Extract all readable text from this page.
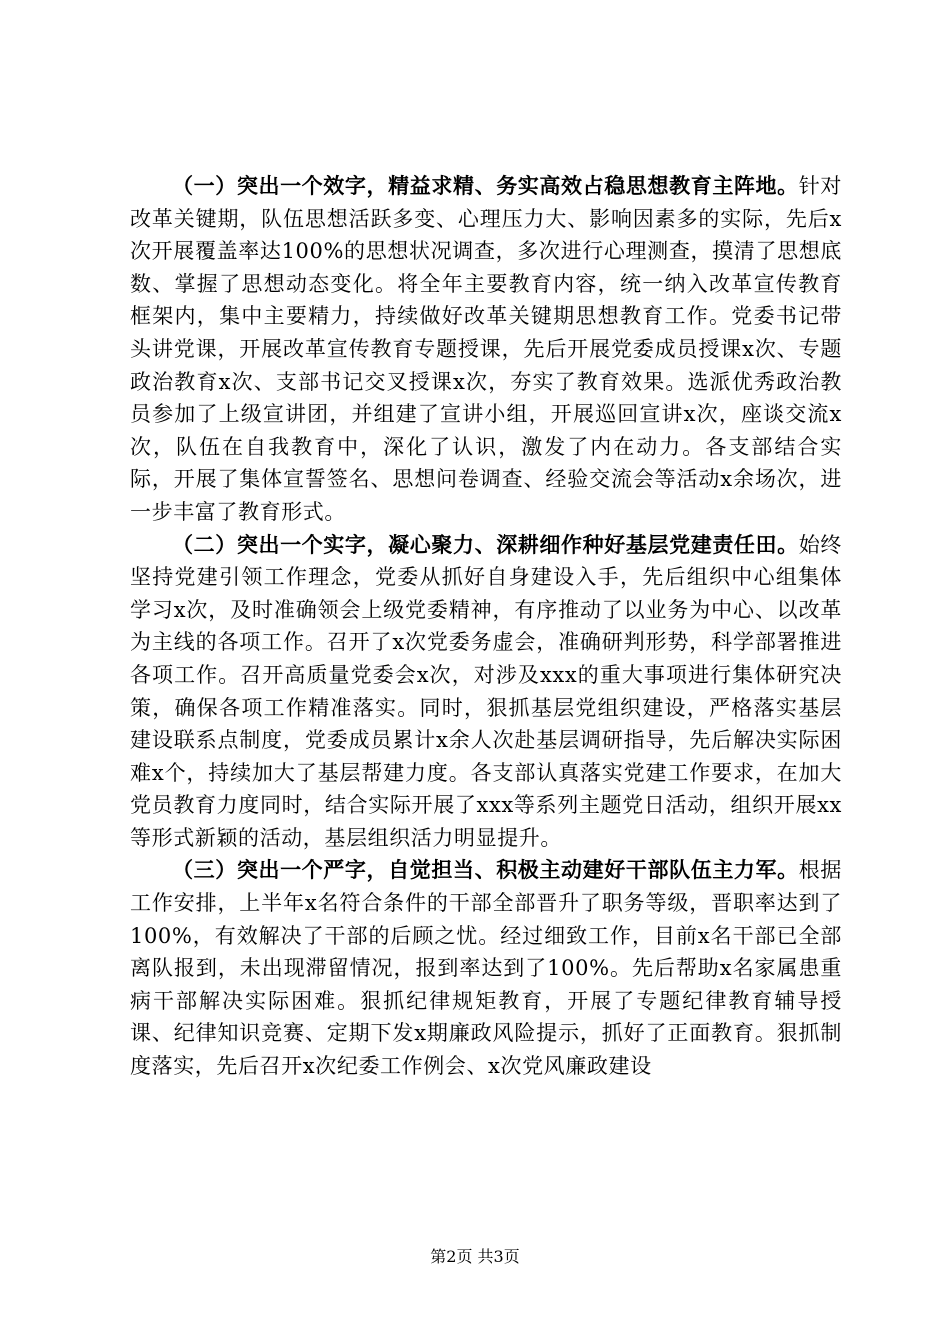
（一）突出一个效字，精益求精、务实高效占稳思想教育主阵地。针对改革关键期，队伍思想活跃多变、心理压力大、影响因素多的实际，先后x次开展覆盖率达100%的思想状况调查，多次进行心理测查，摸清了思想底数、掌握了思想动态变化。将全年主要教育内容，统一纳入改革宣传教育框架内，集中主要精力，持续做好改革关键期思想教育工作。党委书记带头讲党课，开展改革宣传教育专题授课，先后开展党委成员授课x次、专题政治教育x次、支部书记交叉授课x次，夯实了教育效果。选派优秀政治教员参加了上级宣讲团，并组建了宣讲小组，开展巡回宣讲x次，座谈交流x次，队伍在自我教育中，深化了认识，激发了内在动力。各支部结合实际，开展了集体宣誓签名、思想问卷调查、经验交流会等活动x余场次，进一步丰富了教育形式。

（二）突出一个实字，凝心聚力、深耕细作种好基层党建责任田。始终坚持党建引领工作理念，党委从抓好自身建设入手，先后组织中心组集体学习x次，及时准确领会上级党委精神，有序推动了以业务为中心、以改革为主线的各项工作。召开了x次党委务虚会，准确研判形势，科学部署推进各项工作。召开高质量党委会x次，对涉及xxx的重大事项进行集体研究决策，确保各项工作精准落实。同时，狠抓基层党组织建设，严格落实基层建设联系点制度，党委成员累计x余人次赴基层调研指导，先后解决实际困难x个，持续加大了基层帮建力度。各支部认真落实党建工作要求，在加大党员教育力度同时，结合实际开展了xxx等系列主题党日活动，组织开展xx等形式新颖的活动，基层组织活力明显提升。

（三）突出一个严字，自觉担当、积极主动建好干部队伍主力军。根据工作安排，上半年x名符合条件的干部全部晋升了职务等级，晋职率达到了100%，有效解决了干部的后顾之忧。经过细致工作，目前x名干部已全部离队报到，未出现滞留情况，报到率达到了100%。先后帮助x名家属患重病干部解决实际困难。狠抓纪律规矩教育，开展了专题纪律教育辅导授课、纪律知识竞赛、定期下发x期廉政风险提示，抓好了正面教育。狠抓制度落实，先后召开x次纪委工作例会、x次党风廉政建设

第2页 共3页
